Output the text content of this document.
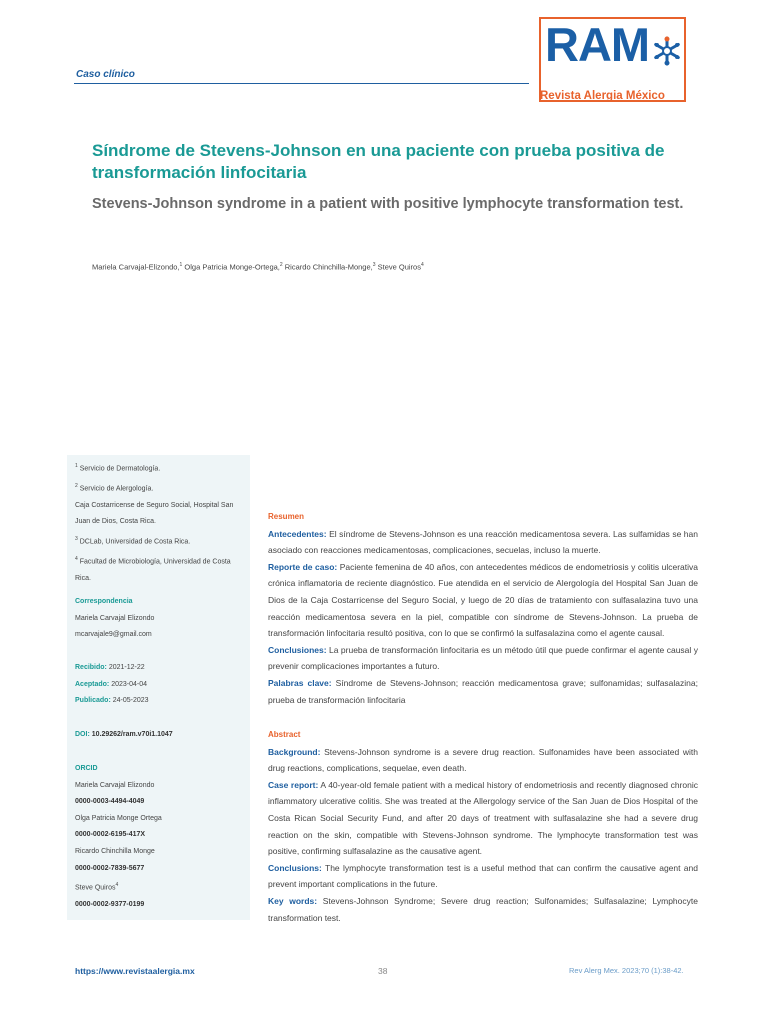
Caso clínico
RAM
Revista Alergia México
Síndrome de Stevens-Johnson en una paciente con prueba positiva de transformación linfocitaria
Stevens-Johnson syndrome in a patient with positive lymphocyte transformation test.
Mariela Carvajal-Elizondo,$^1$ Olga Patricia Monge-Ortega,$^2$ Ricardo Chinchilla-Monge,$^3$ Steve Quiros$^4$
$^1$ Servicio de Dermatología.
$^2$ Servicio de Alergología.
Caja Costarricense de Seguro Social, Hospital San
Juan de Dios, Costa Rica.
$^3$ DCLab, Universidad de Costa Rica.
$^4$ Facultad de Microbiología, Universidad de Costa
Rica.
Correspondencia
Mariela Carvajal Elizondo
mcarvajale9@gmail.com
Recibido: 2021-12-22
Aceptado: 2023-04-04
Publicado: 24-05-2023
DOI: 10.29262/ram.v70i1.1047
ORCID
Mariela Carvajal Elizondo
0000-0003-4494-4049
Olga Patricia Monge Ortega
0000-0002-6195-417X
Ricardo Chinchilla Monge
0000-0002-7839-5677
Steve Quiros$^4$
0000-0002-9377-0199
Resumen
Antecedentes: El síndrome de Stevens-Johnson es una reacción medicamentosa severa. Las sulfamidas se han asociado con reacciones medicamentosas, complicaciones, secuelas, incluso la muerte.
Reporte de caso: Paciente femenina de 40 años, con antecedentes médicos de endometriosis y colitis ulcerativa crónica inflamatoria de reciente diagnóstico. Fue atendida en el servicio de Alergología del Hospital San Juan de Dios de la Caja Costarricense del Seguro Social, y luego de 20 días de tratamiento con sulfasalazina tuvo una reacción medicamentosa severa en la piel, compatible con síndrome de Stevens-Johnson. La prueba de transformación linfocitaria resultó positiva, con lo que se confirmó la sulfasalazina como el agente causal.
Conclusiones: La prueba de transformación linfocitaria es un método útil que puede confirmar el agente causal y prevenir complicaciones importantes a futuro.
Palabras clave: Síndrome de Stevens-Johnson; reacción medicamentosa grave; sulfonamidas; sulfasalazina; prueba de transformación linfocitaria
Abstract
Background: Stevens-Johnson syndrome is a severe drug reaction. Sulfonamides have been associated with drug reactions, complications, sequelae, even death.
Case report: A 40-year-old female patient with a medical history of endometriosis and recently diagnosed chronic inflammatory ulcerative colitis. She was treated at the Allergology service of the San Juan de Dios Hospital of the Costa Rican Social Security Fund, and after 20 days of treatment with sulfasalazine she had a severe drug reaction on the skin, compatible with Stevens-Johnson syndrome. The lymphocyte transformation test was positive, confirming sulfasalazine as the causative agent.
Conclusions: The lymphocyte transformation test is a useful method that can confirm the causative agent and prevent important complications in the future.
Key words: Stevens-Johnson Syndrome; Severe drug reaction; Sulfonamides; Sulfasalazine; Lymphocyte transformation test.
https://www.revistaalergia.mx	38	Rev Alerg Mex. 2023;70 (1):38-42.
